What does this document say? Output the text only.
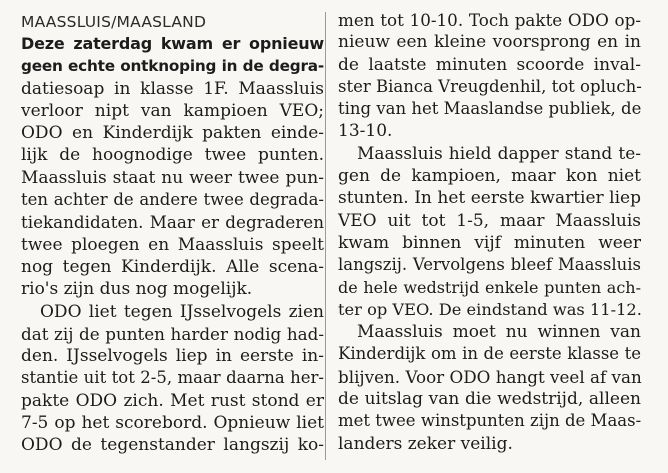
MAASSLUIS/MAASLAND
Deze zaterdag kwam er opnieuw
geen echte ontknoping in de degra-
datiesoap in klasse 1F. Maassluis
verloor nipt van kampioen VEO;
ODO en Kinderdijk pakten einde-
lijk de hoognodige twee punten.
Maassluis staat nu weer twee pun-
ten achter de andere twee degrada-
tiekandidaten. Maar er degraderen
twee ploegen en Maassluis speelt
nog tegen Kinderdijk. Alle scena-
rio's zijn dus nog mogelijk.
ODO liet tegen IJsselvogels zien
dat zij de punten harder nodig had-
den. IJsselvogels liep in eerste in-
stantie uit tot 2-5, maar daarna her-
pakte ODO zich. Met rust stond er
7-5 op het scorebord. Opnieuw liet
ODO de tegenstander langszij ko-
men tot 10-10. Toch pakte ODO op-
nieuw een kleine voorsprong en in
de laatste minuten scoorde inval-
ster Bianca Vreugdenhil, tot opluch-
ting van het Maaslandse publiek, de
13-10.
Maassluis hield dapper stand te-
gen de kampioen, maar kon niet
stunten. In het eerste kwartier liep
VEO uit tot 1-5, maar Maassluis
kwam binnen vijf minuten weer
langszij. Vervolgens bleef Maassluis
de hele wedstrijd enkele punten ach-
ter op VEO. De eindstand was 11-12.
Maassluis moet nu winnen van
Kinderdijk om in de eerste klasse te
blijven. Voor ODO hangt veel af van
de uitslag van die wedstrijd, alleen
met twee winstpunten zijn de Maas-
landers zeker veilig.
